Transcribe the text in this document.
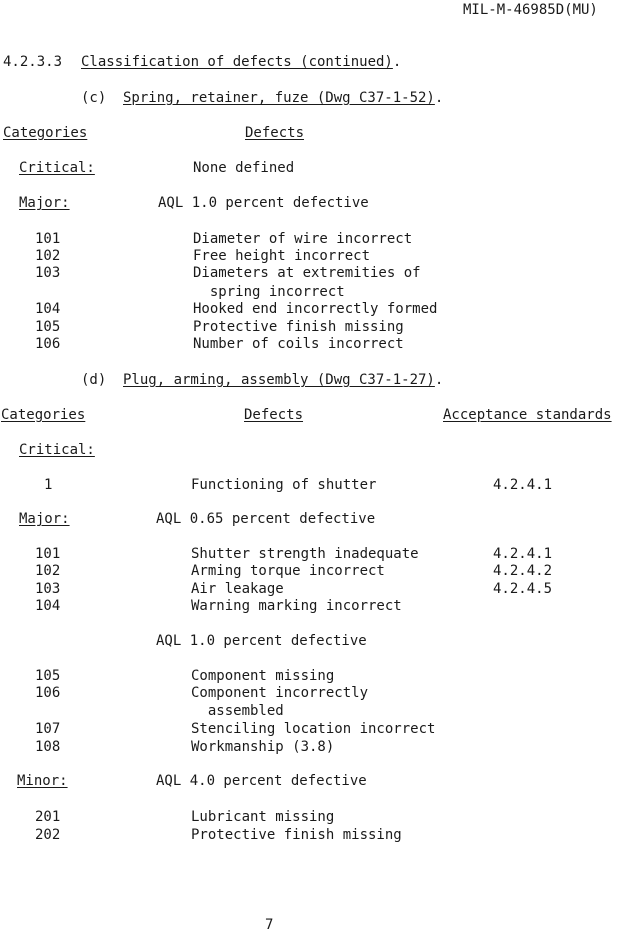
MIL-M-46985D(MU)
4.2.3.3 Classification of defects (continued).
(c) Spring, retainer, fuze (Dwg C37-1-52).
Categories	Defects
Critical:	None defined
Major:	AQL 1.0 percent defective
101	Diameter of wire incorrect
102	Free height incorrect
103	Diameters at extremities of
spring incorrect
104	Hooked end incorrectly formed
105	Protective finish missing
106	Number of coils incorrect
(d) Plug, arming, assembly (Dwg C37-1-27).
Categories	Defects	Acceptance standards
Critical:
1	Functioning of shutter	4.2.4.1
Major:	AQL 0.65 percent defective
101	Shutter strength inadequate	4.2.4.1
102	Arming torque incorrect	4.2.4.2
103	Air leakage	4.2.4.5
104	Warning marking incorrect
AQL 1.0 percent defective
105	Component missing
106	Component incorrectly
assembled
107	Stenciling location incorrect
108	Workmanship (3.8)
Minor:	AQL 4.0 percent defective
201	Lubricant missing
202	Protective finish missing
7
